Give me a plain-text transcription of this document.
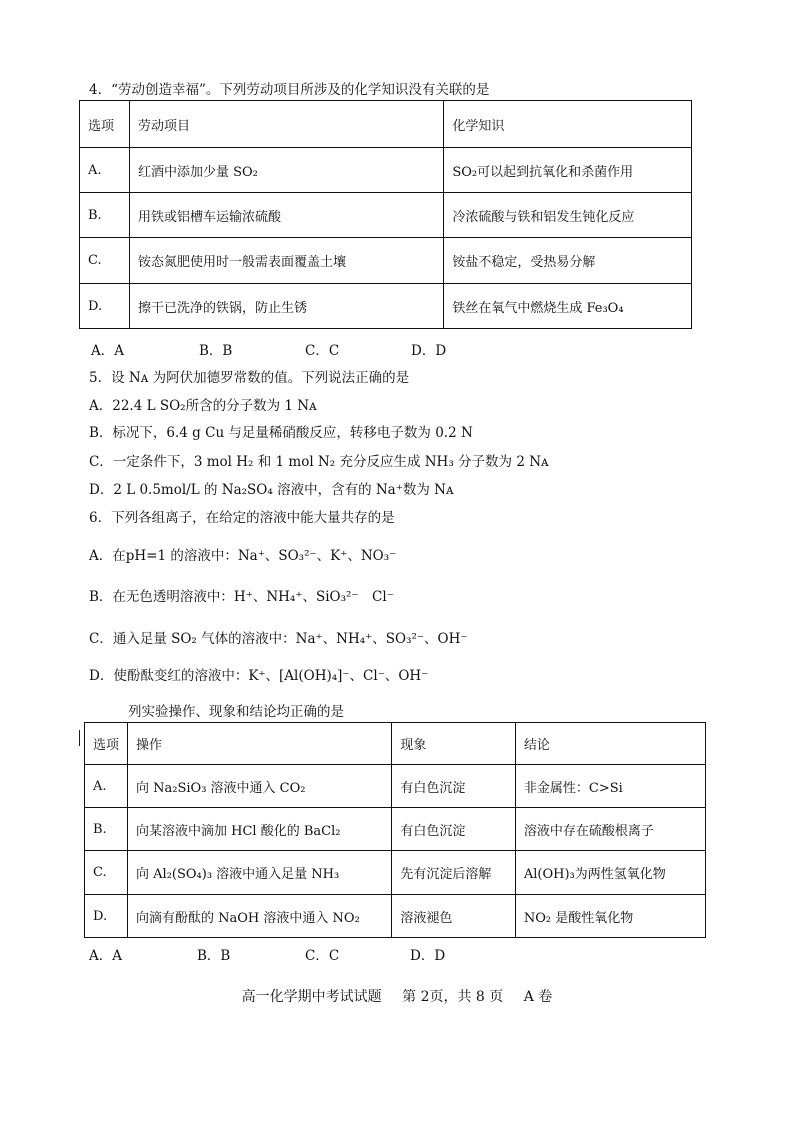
4．“劳动创造幸福”。下列劳动项目所涉及的化学知识没有关联的是
选项	劳动项目	化学知识
A.	红酒中添加少量 SO₂	SO₂可以起到抗氧化和杀菌作用
B.	用铁或铝槽车运输浓硫酸	冷浓硫酸与铁和铝发生钝化反应
C.	铵态氮肥使用时一般需表面覆盖土壤	铵盐不稳定，受热易分解
D.	擦干已洗净的铁锅，防止生锈	铁丝在氧气中燃烧生成 Fe₃O₄
A．A	B．B	C．C	D．D
5．设 Nᴀ 为阿伏加德罗常数的值。下列说法正确的是
A．22.4 L SO₂所含的分子数为 1 Nᴀ
B．标况下，6.4 g Cu 与足量稀硝酸反应，转移电子数为 0.2 N
C．一定条件下，3 mol H₂ 和 1 mol N₂ 充分反应生成 NH₃ 分子数为 2 Nᴀ
D．2 L 0.5mol/L 的 Na₂SO₄ 溶液中，含有的 Na⁺数为 Nᴀ
6．下列各组离子，在给定的溶液中能大量共存的是
A．在pH=1 的溶液中：Na⁺、SO₃²⁻、K⁺、NO₃⁻
B．在无色透明溶液中：H⁺、NH₄⁺、SiO₃²⁻　Cl⁻
C．通入足量 SO₂ 气体的溶液中：Na⁺、NH₄⁺、SO₃²⁻、OH⁻
D．使酚酞变红的溶液中：K⁺、[Al(OH)₄]⁻、Cl⁻、OH⁻
列实验操作、现象和结论均正确的是
选项	操作	现象	结论
A.	向 Na₂SiO₃ 溶液中通入 CO₂	有白色沉淀	非金属性：C>Si
B.	向某溶液中滴加 HCl 酸化的 BaCl₂	有白色沉淀	溶液中存在硫酸根离子
C.	向 Al₂(SO₄)₃ 溶液中通入足量 NH₃	先有沉淀后溶解	Al(OH)₃为两性氢氧化物
D.	向滴有酚酞的 NaOH 溶液中通入 NO₂	溶液褪色	NO₂ 是酸性氧化物
A．A	B．B	C．C	D．D
高一化学期中考试试题 第 2页，共 8 页 A 卷
